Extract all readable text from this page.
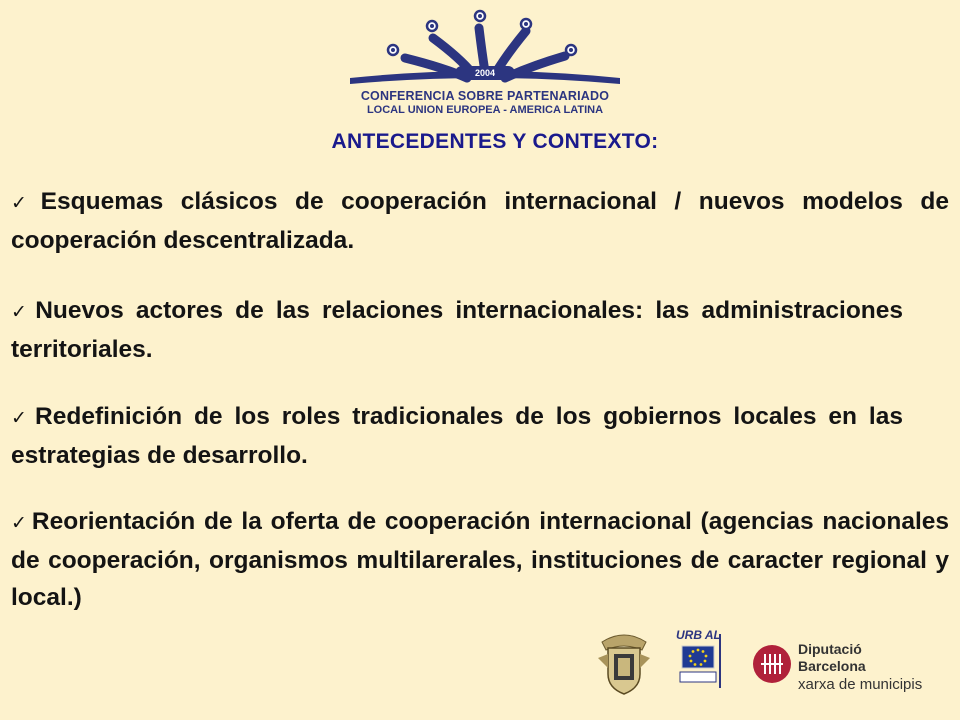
2004
CONFERENCIA SOBRE PARTENARIADO
LOCAL UNION EUROPEA - AMERICA LATINA
ANTECEDENTES Y CONTEXTO:
✓ Esquemas clásicos de cooperación internacional / nuevos modelos de cooperación descentralizada.
✓ Nuevos actores de las relaciones internacionales: las administraciones territoriales.
✓ Redefinición de los roles tradicionales de los gobiernos locales en las estrategias de desarrollo.
✓ Reorientación de la oferta de cooperación internacional (agencias nacionales de cooperación, organismos multilarerales, instituciones de caracter regional y local.)
URB AL
Diputació
Barcelona
xarxa de municipis
